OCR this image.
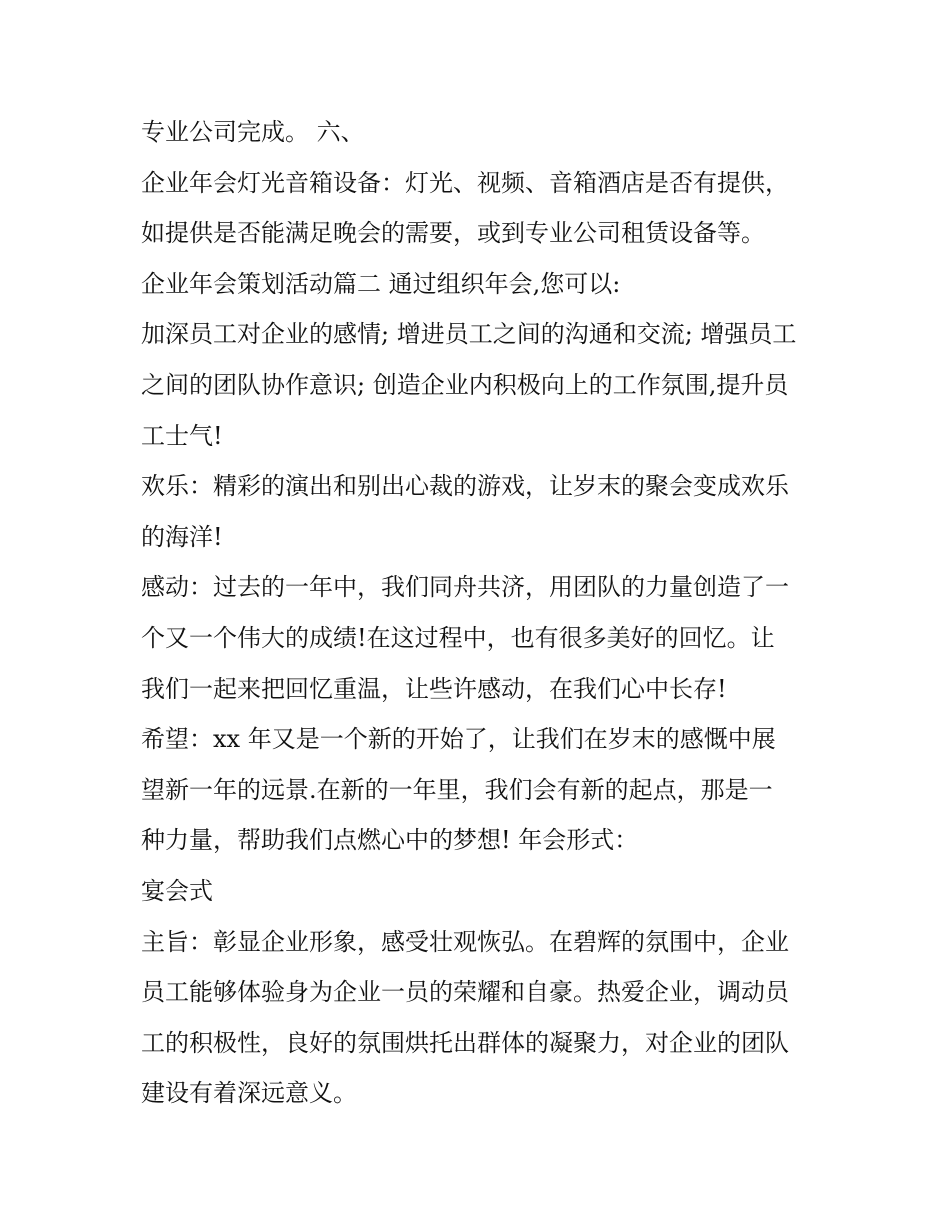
专业公司完成。 六、
企业年会灯光音箱设备：灯光、视频、音箱酒店是否有提供，
如提供是否能满足晚会的需要，或到专业公司租赁设备等。
企业年会策划活动篇二 通过组织年会,您可以:
加深员工对企业的感情; 增进员工之间的沟通和交流; 增强员工
之间的团队协作意识; 创造企业内积极向上的工作氛围,提升员
工士气!
欢乐：精彩的演出和别出心裁的游戏，让岁末的聚会变成欢乐
的海洋!
感动：过去的一年中，我们同舟共济，用团队的力量创造了一
个又一个伟大的成绩!在这过程中，也有很多美好的回忆。让
我们一起来把回忆重温，让些许感动，在我们心中长存!
希望：xx 年又是一个新的开始了，让我们在岁末的感慨中展
望新一年的远景.在新的一年里，我们会有新的起点，那是一
种力量，帮助我们点燃心中的梦想! 年会形式：
宴会式
主旨：彰显企业形象，感受壮观恢弘。在碧辉的氛围中，企业
员工能够体验身为企业一员的荣耀和自豪。热爱企业，调动员
工的积极性，良好的氛围烘托出群体的凝聚力，对企业的团队
建设有着深远意义。
